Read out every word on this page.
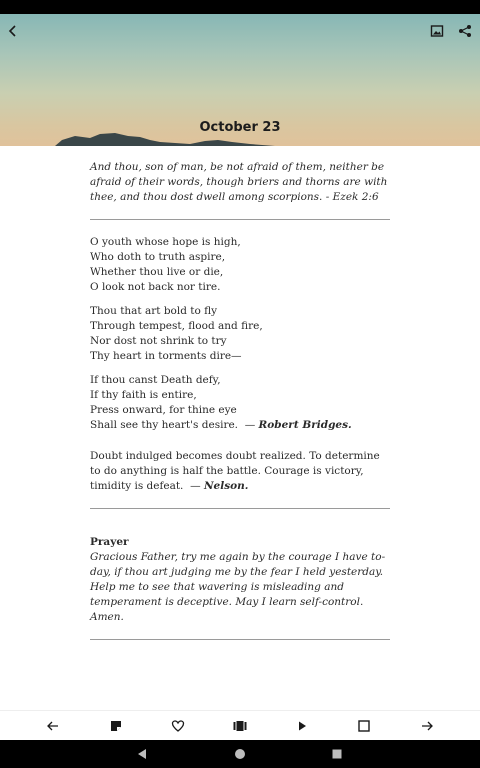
October 23

And thou, son of man, be not afraid of them, neither be afraid of their words, though briers and thorns are with thee, and thou dost dwell among scorpions. - Ezek 2:6

O youth whose hope is high,
Who doth to truth aspire,
Whether thou live or die,
O look not back nor tire.
Thou that art bold to fly
Through tempest, flood and fire,
Nor dost not shrink to try
Thy heart in torments dire—
If thou canst Death defy,
If thy faith is entire,
Press onward, for thine eye
Shall see thy heart's desire. — Robert Bridges.

Doubt indulged becomes doubt realized. To determine to do anything is half the battle. Courage is victory, timidity is defeat. — Nelson.

Prayer

Gracious Father, try me again by the courage I have to-day, if thou art judging me by the fear I held yesterday. Help me to see that wavering is misleading and temperament is deceptive. May I learn self-control. Amen.
